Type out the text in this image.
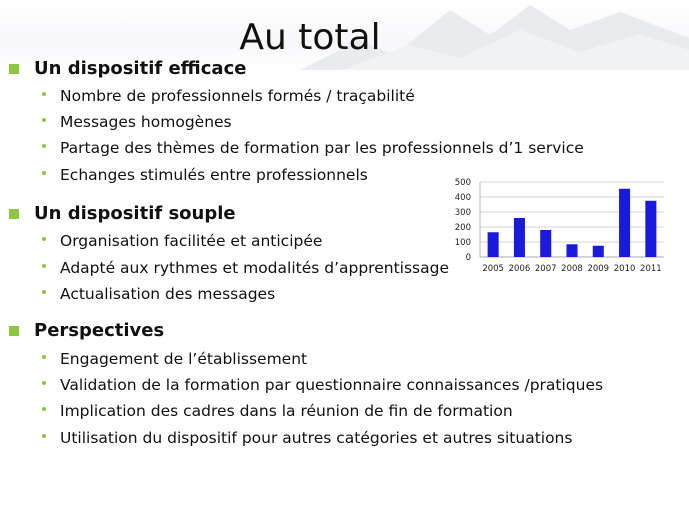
Au total
Un dispositif efficace
Nombre de professionnels formés / traçabilité
Messages homogènes
Partage des thèmes de formation par les professionnels d’1 service
Echanges stimulés entre professionnels
Un dispositif souple
Organisation facilitée et anticipée
Adapté aux rythmes et modalités d’apprentissage
Actualisation des messages
Perspectives
Engagement de l’établissement
Validation de la formation par questionnaire connaissances /pratiques
Implication des cadres dans la réunion de fin de formation
Utilisation du dispositif pour autres catégories et autres situations
0
100
200
300
400
500
2005 2006 2007 2008 2009 2010 2011
